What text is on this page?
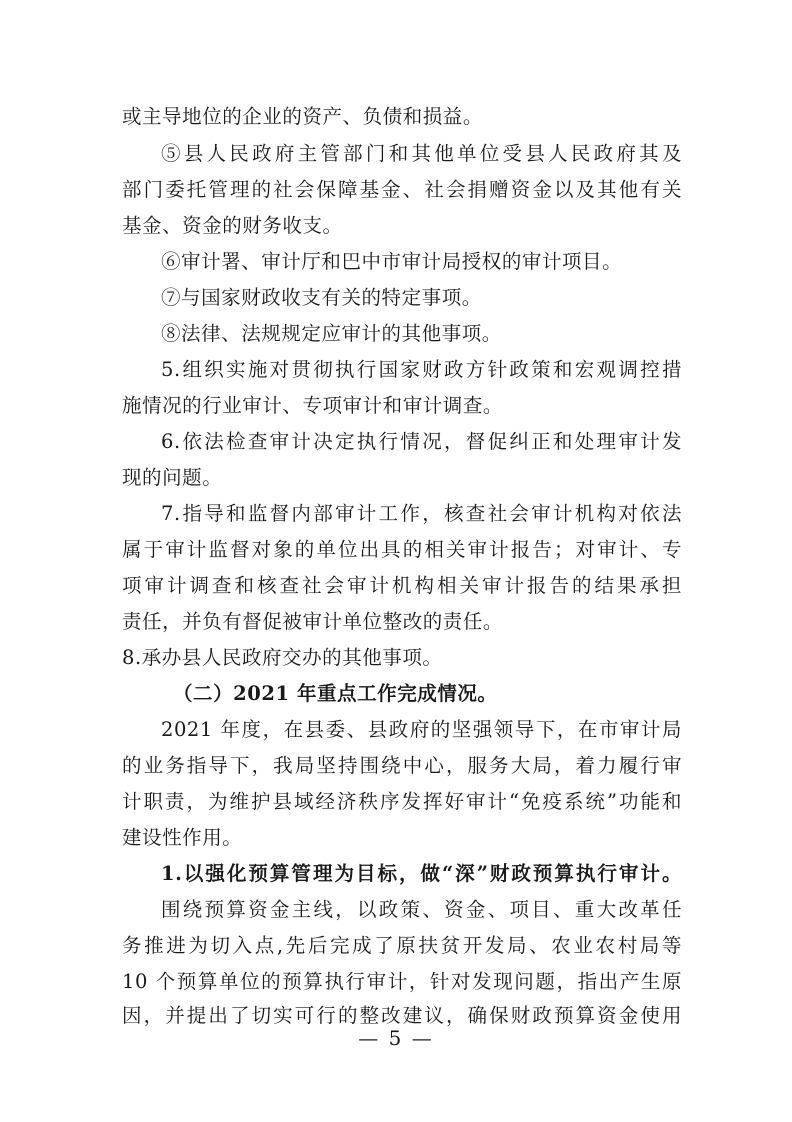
或主导地位的企业的资产、负债和损益。
⑤县人民政府主管部门和其他单位受县人民政府其及
部门委托管理的社会保障基金、社会捐赠资金以及其他有关
基金、资金的财务收支。
⑥审计署、审计厅和巴中市审计局授权的审计项目。
⑦与国家财政收支有关的特定事项。
⑧法律、法规规定应审计的其他事项。
5.组织实施对贯彻执行国家财政方针政策和宏观调控措
施情况的行业审计、专项审计和审计调查。
6.依法检查审计决定执行情况，督促纠正和处理审计发
现的问题。
7.指导和监督内部审计工作，核查社会审计机构对依法
属于审计监督对象的单位出具的相关审计报告；对审计、专
项审计调查和核查社会审计机构相关审计报告的结果承担
责任，并负有督促被审计单位整改的责任。
8.承办县人民政府交办的其他事项。
（二）2021 年重点工作完成情况。
2021 年度，在县委、县政府的坚强领导下，在市审计局
的业务指导下，我局坚持围绕中心，服务大局，着力履行审
计职责，为维护县域经济秩序发挥好审计“免疫系统”功能和
建设性作用。
1.以强化预算管理为目标，做“深”财政预算执行审计。
围绕预算资金主线，以政策、资金、项目、重大改革任
务推进为切入点,先后完成了原扶贫开发局、农业农村局等
10 个预算单位的预算执行审计，针对发现问题，指出产生原
因，并提出了切实可行的整改建议，确保财政预算资金使用
— 5 —
